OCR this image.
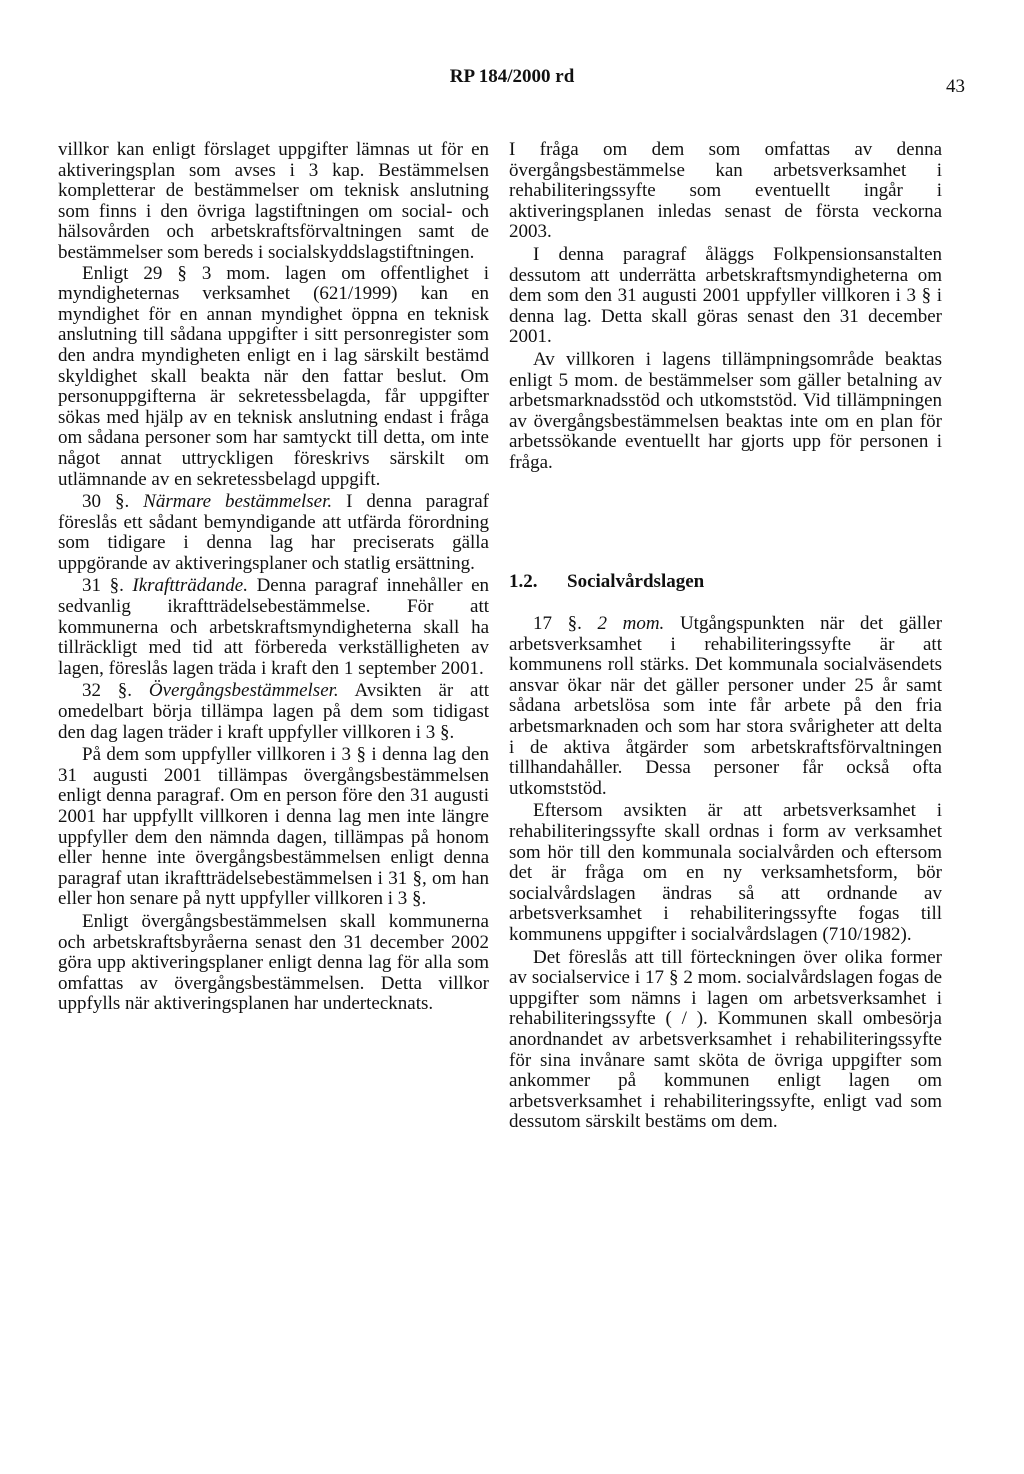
RP 184/2000 rd	43

villkor kan enligt förslaget uppgifter lämnas ut för en aktiveringsplan som avses i 3 kap. Bestämmelsen kompletterar de bestämmelser om teknisk anslutning som finns i den övriga lagstiftningen om social- och hälsovården och arbetskraftsförvaltningen samt de bestämmelser som bereds i socialskyddslagstiftningen.

Enligt 29 § 3 mom. lagen om offentlighet i myndigheternas verksamhet (621/1999) kan en myndighet för en annan myndighet öppna en teknisk anslutning till sådana uppgifter i sitt personregister som den andra myndigheten enligt en i lag särskilt bestämd skyldighet skall beakta när den fattar beslut. Om personuppgifterna är sekretessbelagda, får uppgifter sökas med hjälp av en teknisk anslutning endast i fråga om sådana personer som har samtyckt till detta, om inte något annat uttryckligen föreskrivs särskilt om utlämnande av en sekretessbelagd uppgift.

30 §. Närmare bestämmelser. I denna paragraf föreslås ett sådant bemyndigande att utfärda förordning som tidigare i denna lag har preciserats gälla uppgörande av aktiveringsplaner och statlig ersättning.

31 §. Ikraftträdande. Denna paragraf innehåller en sedvanlig ikraftträdelsebestämmelse. För att kommunerna och arbetskraftsmyndigheterna skall ha tillräckligt med tid att förbereda verkställigheten av lagen, föreslås lagen träda i kraft den 1 september 2001.

32 §. Övergångsbestämmelser. Avsikten är att omedelbart börja tillämpa lagen på dem som tidigast den dag lagen träder i kraft uppfyller villkoren i 3 §.

På dem som uppfyller villkoren i 3 § i denna lag den 31 augusti 2001 tillämpas övergångsbestämmelsen enligt denna paragraf. Om en person före den 31 augusti 2001 har uppfyllt villkoren i denna lag men inte längre uppfyller dem den nämnda dagen, tillämpas på honom eller henne inte övergångsbestämmelsen enligt denna paragraf utan ikraftträdelsebestämmelsen i 31 §, om han eller hon senare på nytt uppfyller villkoren i 3 §.

Enligt övergångsbestämmelsen skall kommunerna och arbetskraftsbyråerna senast den 31 december 2002 göra upp aktiveringsplaner enligt denna lag för alla som omfattas av övergångsbestämmelsen. Detta villkor uppfylls när aktiveringsplanen har undertecknats.

I fråga om dem som omfattas av denna övergångsbestämmelse kan arbetsverksamhet i rehabiliteringssyfte som eventuellt ingår i aktiveringsplanen inledas senast de första veckorna 2003.

I denna paragraf åläggs Folkpensionsanstalten dessutom att underrätta arbetskraftsmyndigheterna om dem som den 31 augusti 2001 uppfyller villkoren i 3 § i denna lag. Detta skall göras senast den 31 december 2001.

Av villkoren i lagens tillämpningsområde beaktas enligt 5 mom. de bestämmelser som gäller betalning av arbetsmarknadsstöd och utkomststöd. Vid tillämpningen av övergångsbestämmelsen beaktas inte om en plan för arbetssökande eventuellt har gjorts upp för personen i fråga.

1.2.	Socialvårdslagen

17 §. 2 mom. Utgångspunkten när det gäller arbetsverksamhet i rehabiliteringssyfte är att kommunens roll stärks. Det kommunala socialväsendets ansvar ökar när det gäller personer under 25 år samt sådana arbetslösa som inte får arbete på den fria arbetsmarknaden och som har stora svårigheter att delta i de aktiva åtgärder som arbetskraftsförvaltningen tillhandahåller. Dessa personer får också ofta utkomststöd.

Eftersom avsikten är att arbetsverksamhet i rehabiliteringssyfte skall ordnas i form av verksamhet som hör till den kommunala socialvården och eftersom det är fråga om en ny verksamhetsform, bör socialvårdslagen ändras så att ordnande av arbetsverksamhet i rehabiliteringssyfte fogas till kommunens uppgifter i socialvårdslagen (710/1982).

Det föreslås att till förteckningen över olika former av socialservice i 17 § 2 mom. socialvårdslagen fogas de uppgifter som nämns i lagen om arbetsverksamhet i rehabiliteringssyfte ( / ). Kommunen skall ombesörja anordnandet av arbetsverksamhet i rehabiliteringssyfte för sina invånare samt sköta de övriga uppgifter som ankommer på kommunen enligt lagen om arbetsverksamhet i rehabiliteringssyfte, enligt vad som dessutom särskilt bestäms om dem.
